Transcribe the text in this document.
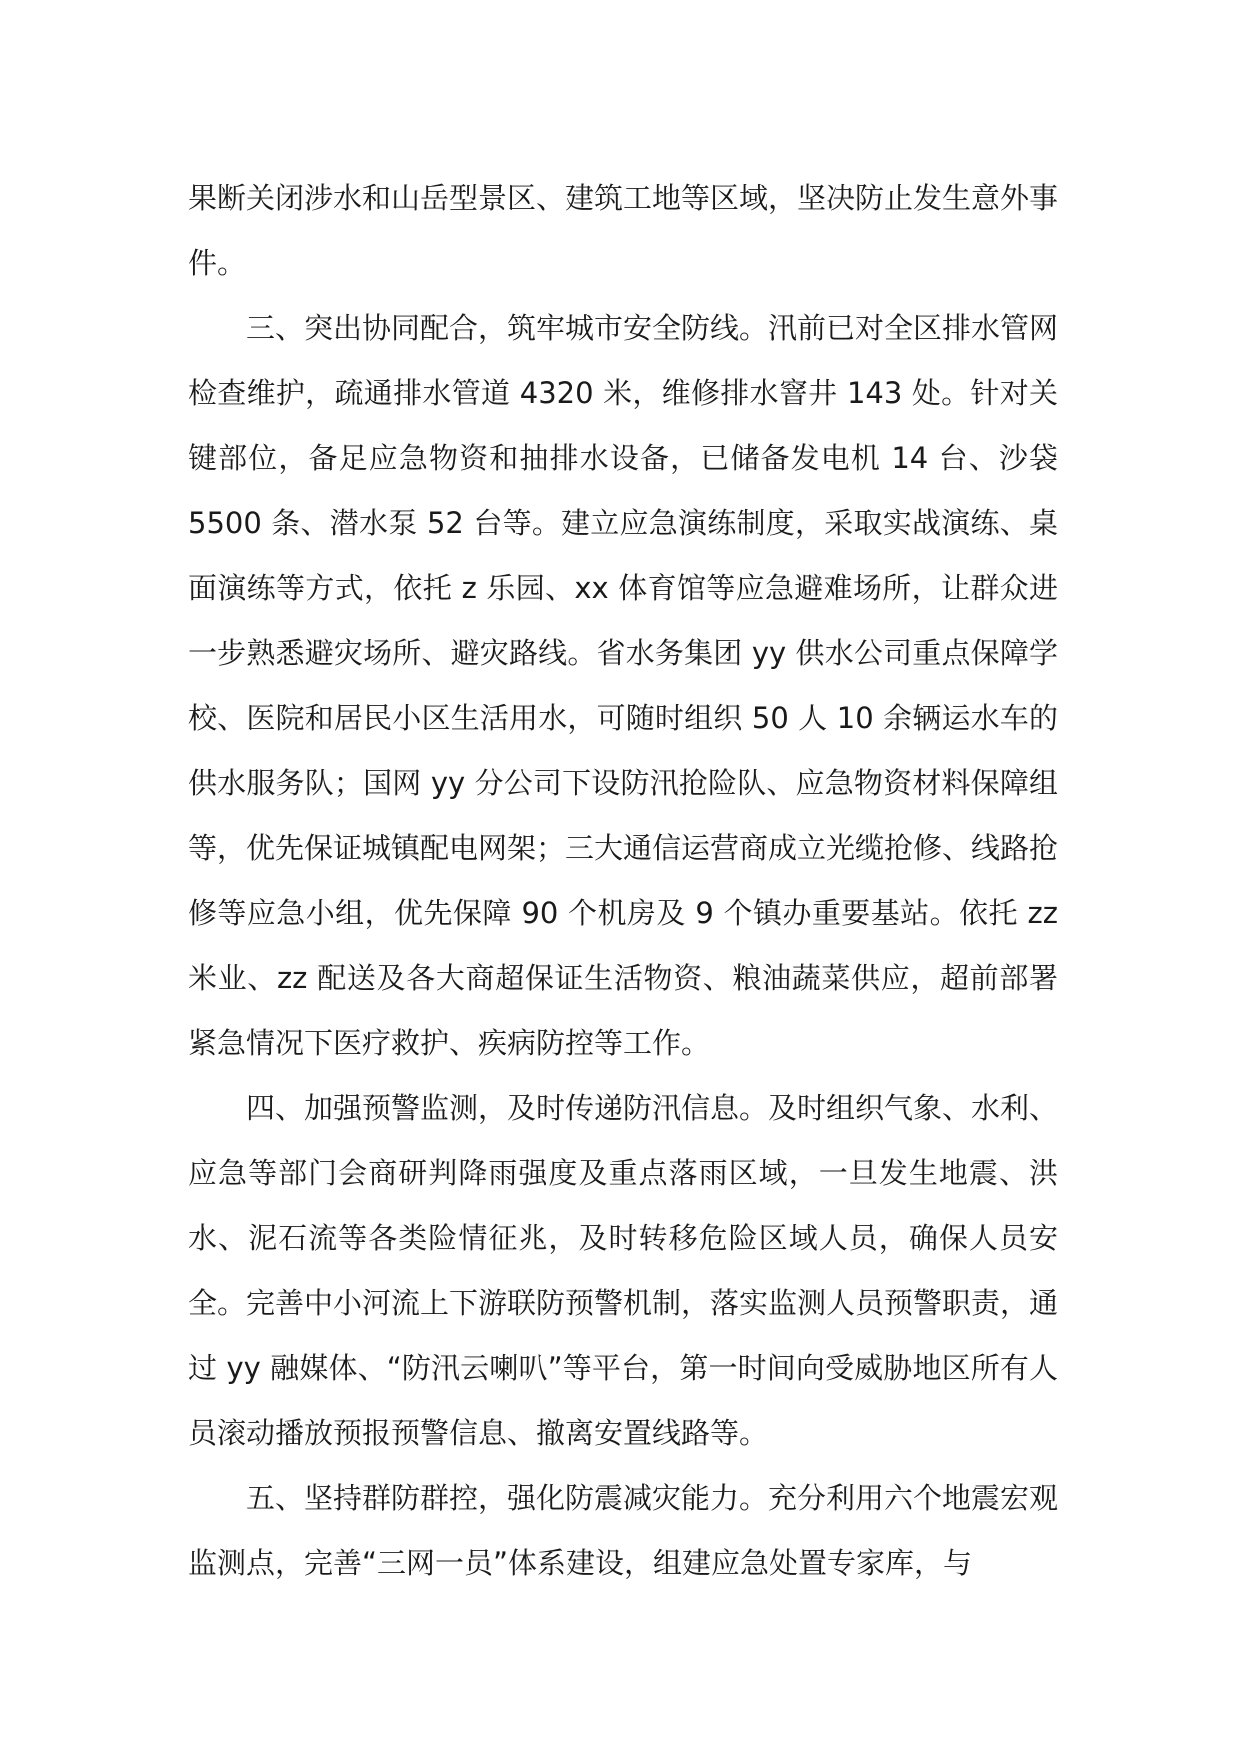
果断关闭涉水和山岳型景区、建筑工地等区域，坚决防止发生意外事件。

三、突出协同配合，筑牢城市安全防线。汛前已对全区排水管网检查维护，疏通排水管道 4320 米，维修排水窨井 143 处。针对关键部位，备足应急物资和抽排水设备，已储备发电机 14 台、沙袋 5500 条、潜水泵 52 台等。建立应急演练制度，采取实战演练、桌面演练等方式，依托 z 乐园、xx 体育馆等应急避难场所，让群众进一步熟悉避灾场所、避灾路线。省水务集团 yy 供水公司重点保障学校、医院和居民小区生活用水，可随时组织 50 人 10 余辆运水车的供水服务队；国网 yy 分公司下设防汛抢险队、应急物资材料保障组等，优先保证城镇配电网架；三大通信运营商成立光缆抢修、线路抢修等应急小组，优先保障 90 个机房及 9 个镇办重要基站。依托 zz 米业、zz 配送及各大商超保证生活物资、粮油蔬菜供应，超前部署紧急情况下医疗救护、疾病防控等工作。

四、加强预警监测，及时传递防汛信息。及时组织气象、水利、应急等部门会商研判降雨强度及重点落雨区域，一旦发生地震、洪水、泥石流等各类险情征兆，及时转移危险区域人员，确保人员安全。完善中小河流上下游联防预警机制，落实监测人员预警职责，通过 yy 融媒体、“防汛云喇叭”等平台，第一时间向受威胁地区所有人员滚动播放预报预警信息、撤离安置线路等。

五、坚持群防群控，强化防震减灾能力。充分利用六个地震宏观监测点，完善“三网一员”体系建设，组建应急处置专家库，与
